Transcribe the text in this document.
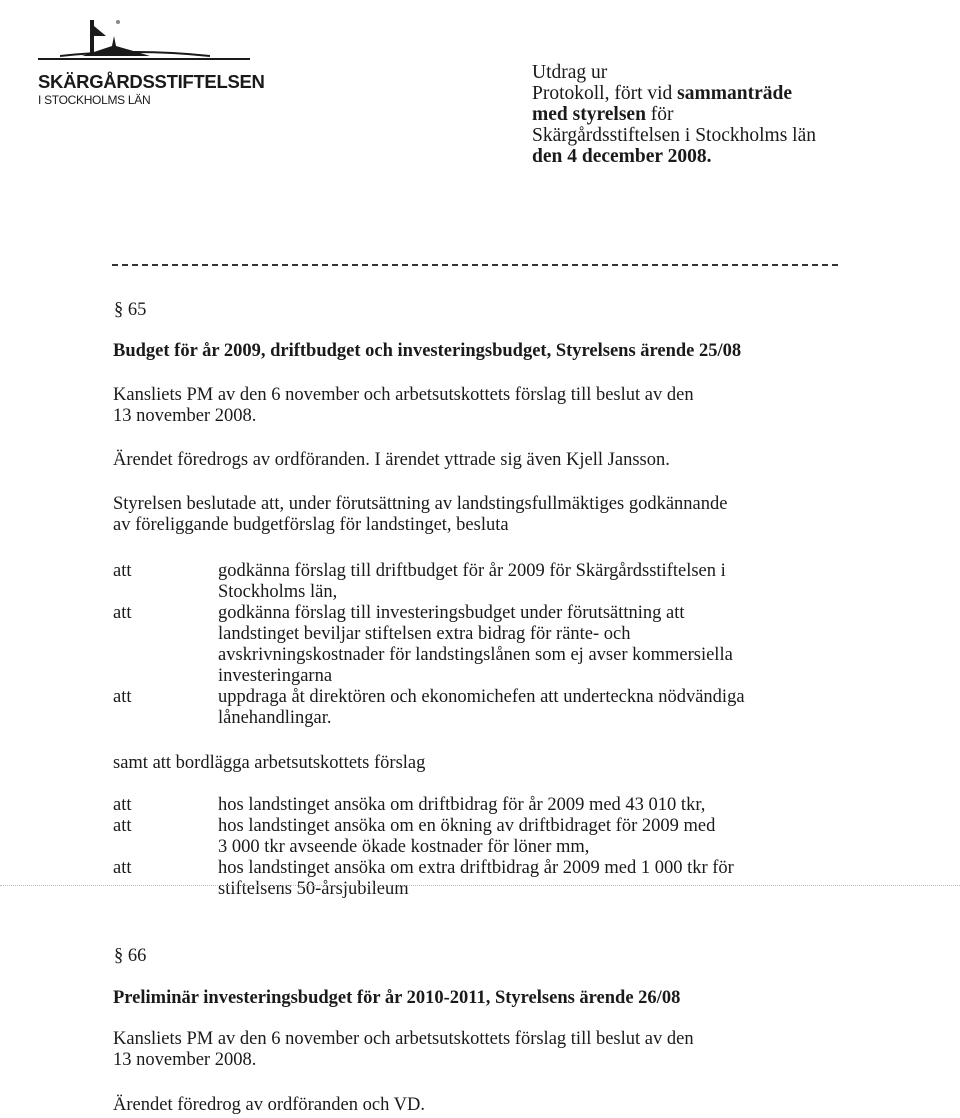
SKÄRGÅRDSSTIFTELSEN
I STOCKHOLMS LÄN
Utdrag ur
Protokoll, fört vid sammanträde
med styrelsen för
Skärgårdsstiftelsen i Stockholms län
den 4 december 2008.
§ 65
Budget för år 2009, driftbudget och investeringsbudget, Styrelsens ärende 25/08
Kansliets PM av den 6 november och arbetsutskottets förslag till beslut av den
13 november 2008.
Ärendet föredrogs av ordföranden. I ärendet yttrade sig även Kjell Jansson.
Styrelsen beslutade att, under förutsättning av landstingsfullmäktiges godkännande
av föreliggande budgetförslag för landstinget, besluta
att	godkänna förslag till driftbudget för år 2009 för Skärgårdsstiftelsen i
Stockholms län,
att	godkänna förslag till investeringsbudget under förutsättning att
landstinget beviljar stiftelsen extra bidrag för ränte- och
avskrivningskostnader för landstingslånen som ej avser kommersiella
investeringarna
att	uppdraga åt direktören och ekonomichefen att underteckna nödvändiga
lånehandlingar.
samt att bordlägga arbetsutskottets förslag
att	hos landstinget ansöka om driftbidrag för år 2009 med 43 010 tkr,
att	hos landstinget ansöka om en ökning av driftbidraget för 2009 med
3 000 tkr avseende ökade kostnader för löner mm,
att	hos landstinget ansöka om extra driftbidrag år 2009 med 1 000 tkr för
stiftelsens 50-årsjubileum
§ 66
Preliminär investeringsbudget för år 2010-2011, Styrelsens ärende 26/08
Kansliets PM av den 6 november och arbetsutskottets förslag till beslut av den
13 november 2008.
Ärendet föredrog av ordföranden och VD.
